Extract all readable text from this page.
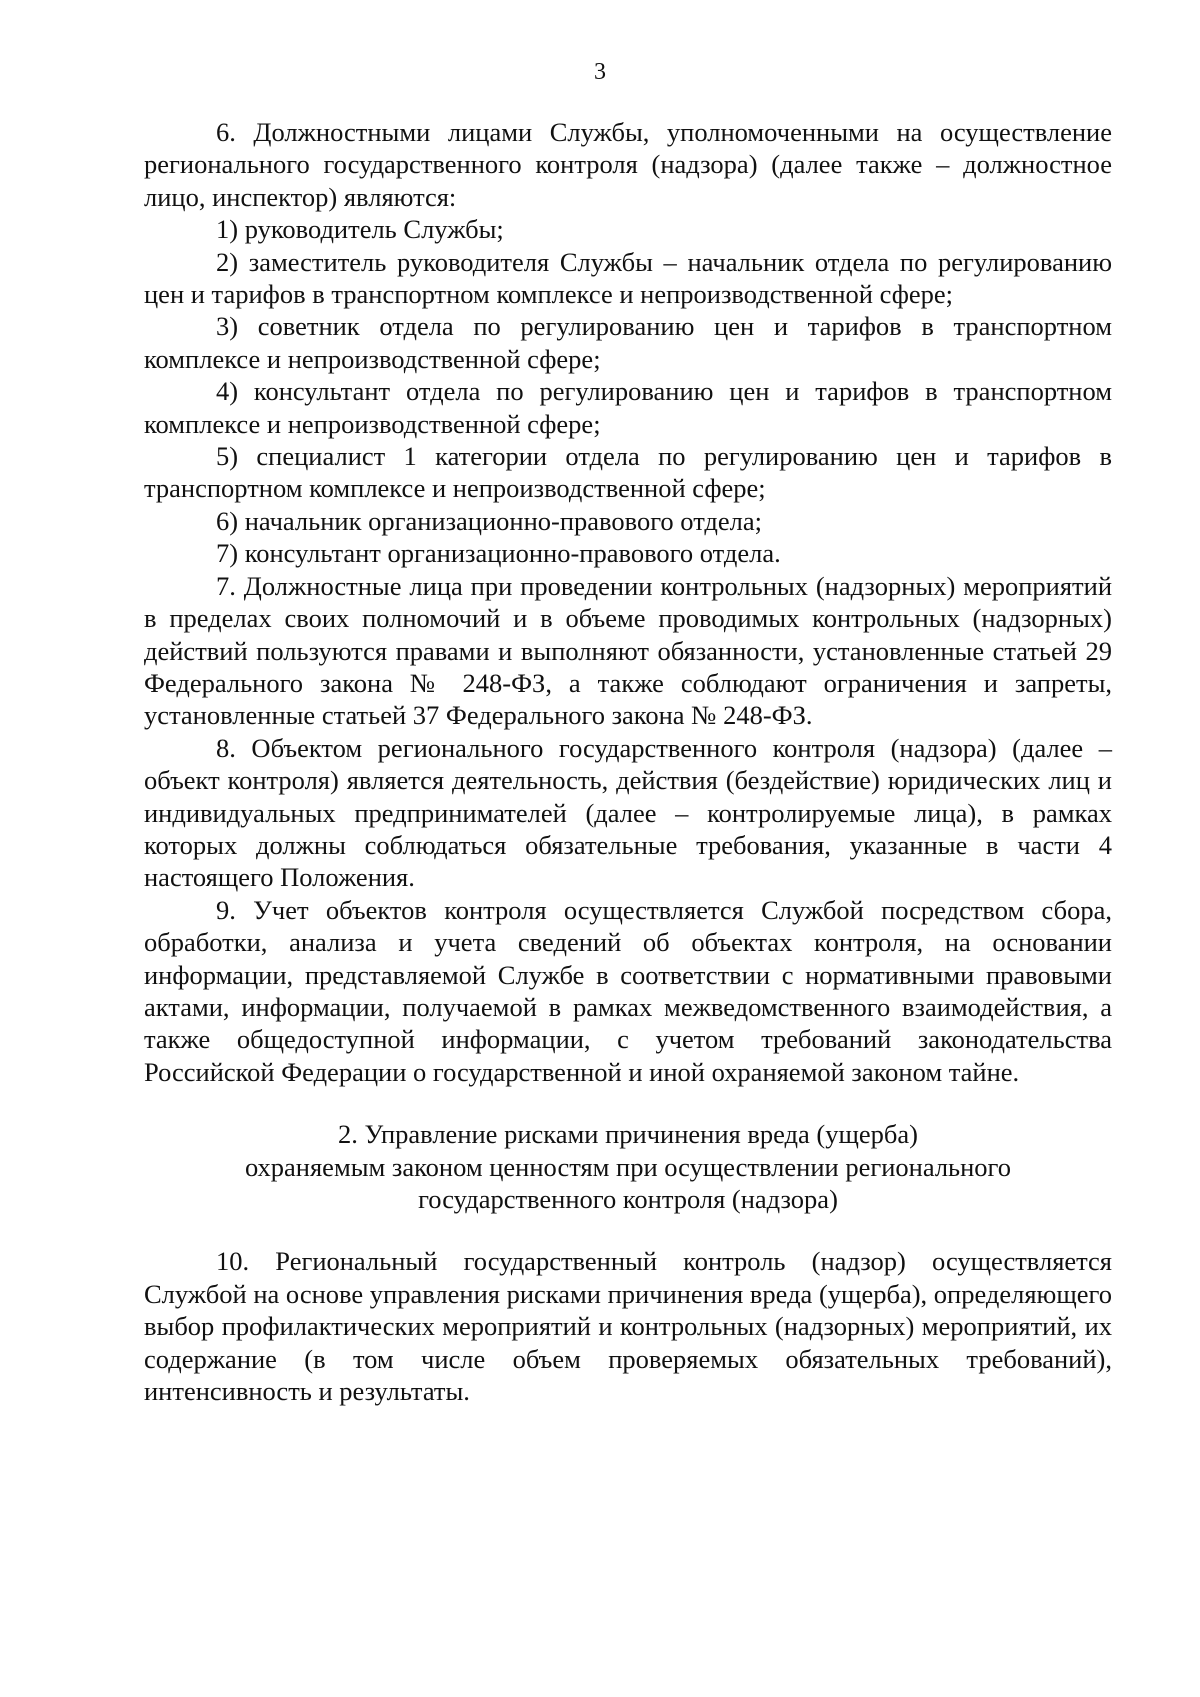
3

6. Должностными лицами Службы, уполномоченными на осуществление регионального государственного контроля (надзора) (далее также – должностное лицо, инспектор) являются:

1) руководитель Службы;

2) заместитель руководителя Службы – начальник отдела по регулированию цен и тарифов в транспортном комплексе и непроизводственной сфере;

3) советник отдела по регулированию цен и тарифов в транспортном комплексе и непроизводственной сфере;

4) консультант отдела по регулированию цен и тарифов в транспортном комплексе и непроизводственной сфере;

5) специалист 1 категории отдела по регулированию цен и тарифов в транспортном комплексе и непроизводственной сфере;

6) начальник организационно-правового отдела;

7) консультант организационно-правового отдела.

7. Должностные лица при проведении контрольных (надзорных) мероприятий в пределах своих полномочий и в объеме проводимых контрольных (надзорных) действий пользуются правами и выполняют обязанности, установленные статьей 29 Федерального закона № 248-ФЗ, а также соблюдают ограничения и запреты, установленные статьей 37 Федерального закона № 248-ФЗ.

8. Объектом регионального государственного контроля (надзора) (далее – объект контроля) является деятельность, действия (бездействие) юридических лиц и индивидуальных предпринимателей (далее – контролируемые лица), в рамках которых должны соблюдаться обязательные требования, указанные в части 4 настоящего Положения.

9. Учет объектов контроля осуществляется Службой посредством сбора, обработки, анализа и учета сведений об объектах контроля, на основании информации, представляемой Службе в соответствии с нормативными правовыми актами, информации, получаемой в рамках межведомственного взаимодействия, а также общедоступной информации, с учетом требований законодательства Российской Федерации о государственной и иной охраняемой законом тайне.

2. Управление рисками причинения вреда (ущерба)
охраняемым законом ценностям при осуществлении регионального
государственного контроля (надзора)

10. Региональный государственный контроль (надзор) осуществляется Службой на основе управления рисками причинения вреда (ущерба), определяющего выбор профилактических мероприятий и контрольных (надзорных) мероприятий, их содержание (в том числе объем проверяемых обязательных требований), интенсивность и результаты.
